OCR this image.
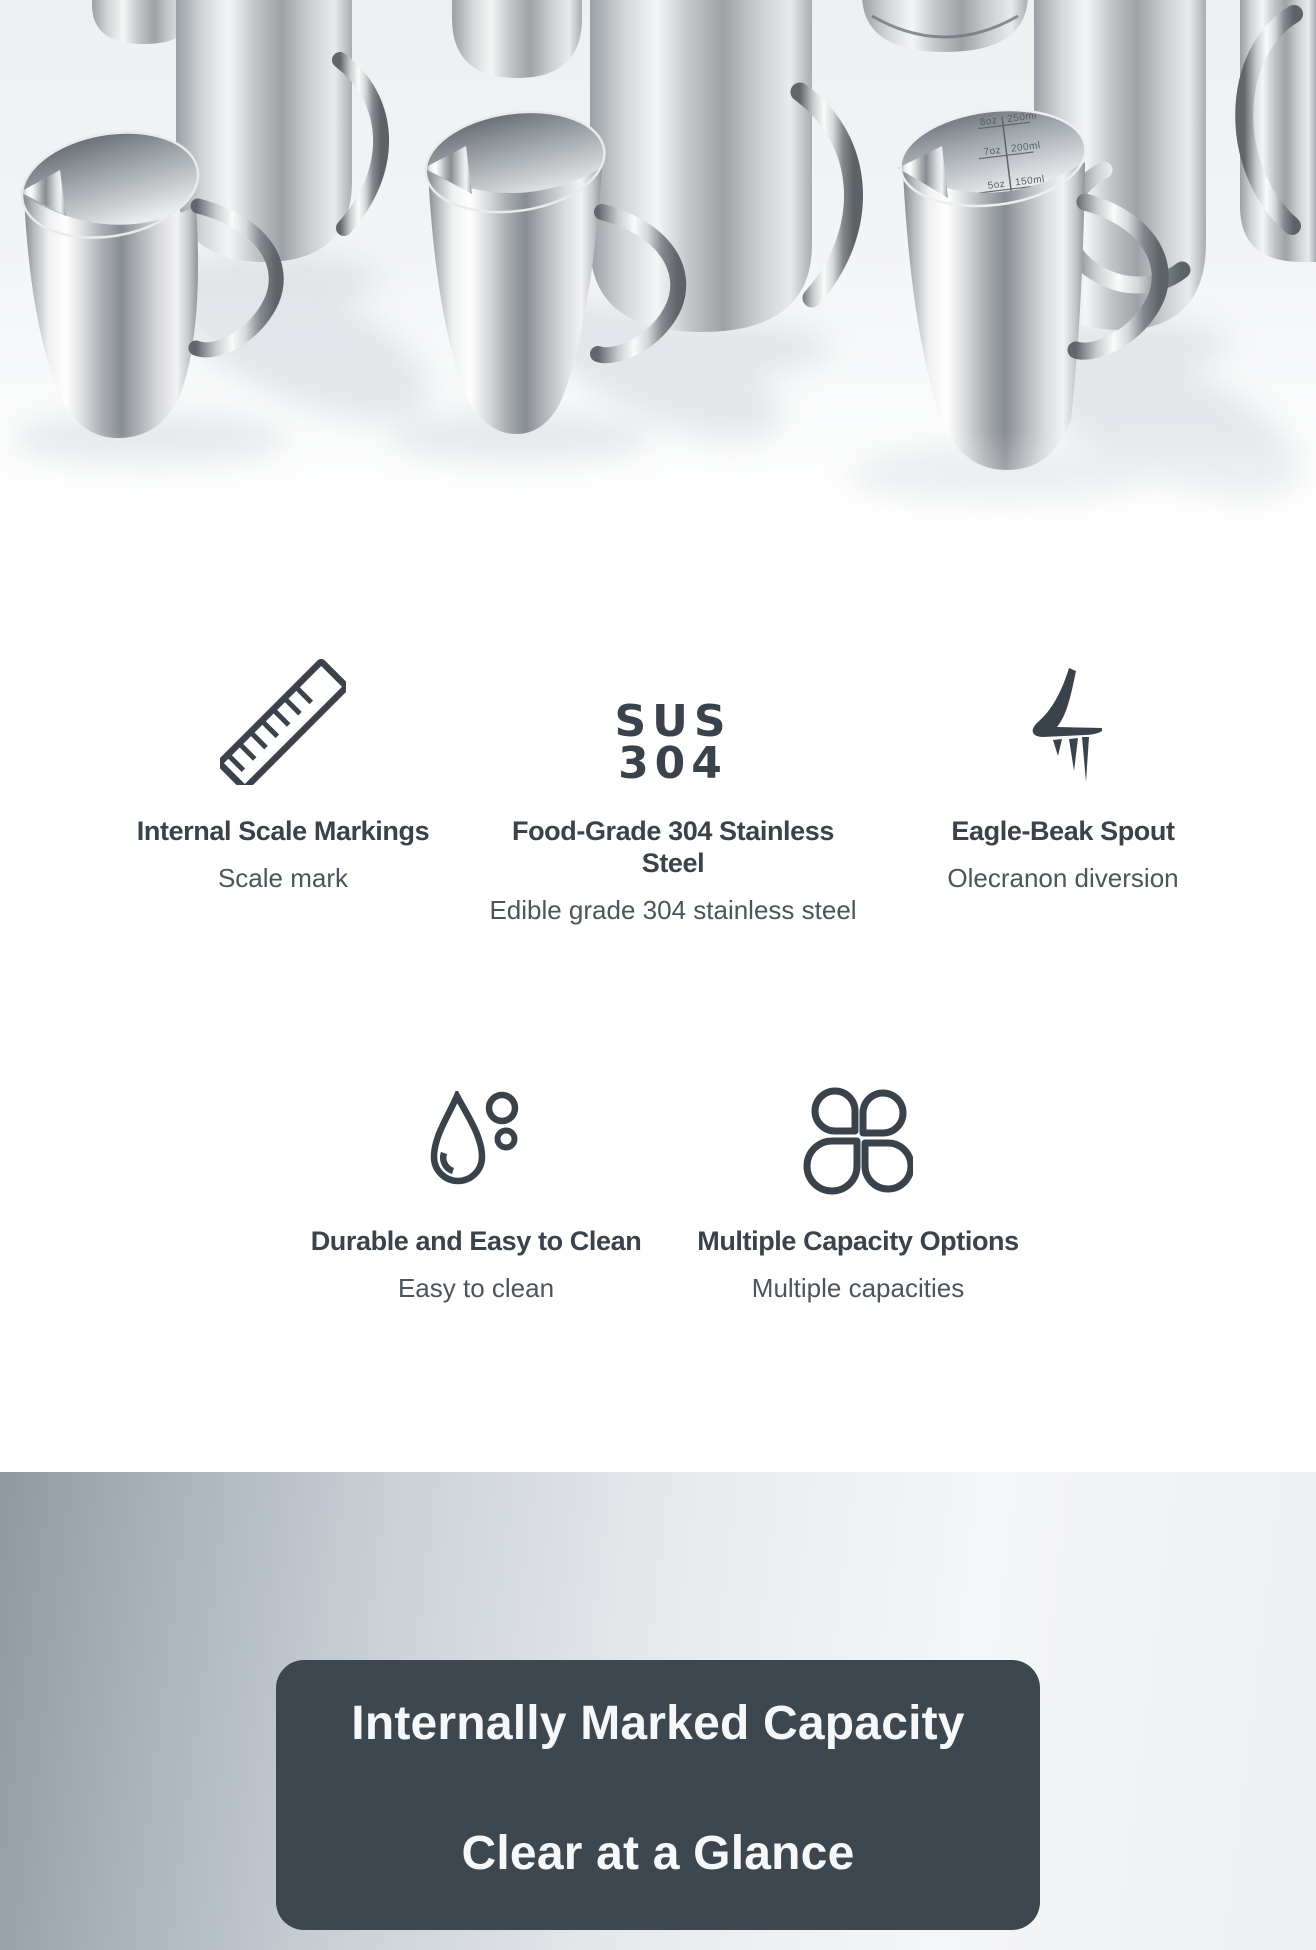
8oz 250ml
7oz 200ml
5oz 150ml
Internal Scale Markings
Scale mark
SUS
304
Food-Grade 304 Stainless Steel
Edible grade 304 stainless steel
Eagle-Beak Spout
Olecranon diversion
Durable and Easy to Clean
Easy to clean
Multiple Capacity Options
Multiple capacities
Internally Marked Capacity
Clear at a Glance
